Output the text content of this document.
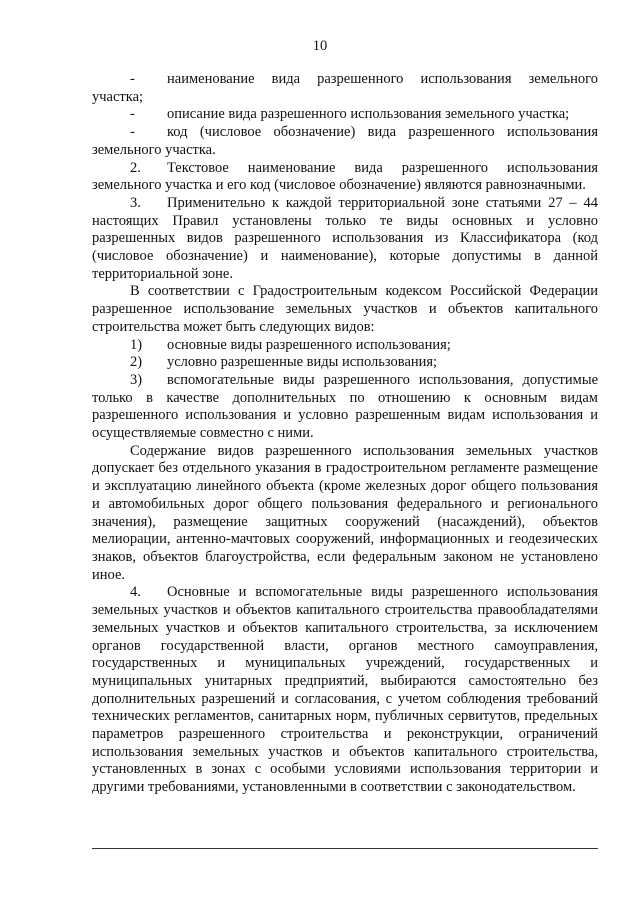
10

- наименование вида разрешенного использования земельного участка;

- описание вида разрешенного использования земельного участка;

- код (числовое обозначение) вида разрешенного использования земельного участка.

2. Текстовое наименование вида разрешенного использования земельного участка и его код (числовое обозначение) являются равнозначными.

3. Применительно к каждой территориальной зоне статьями 27 – 44 настоящих Правил установлены только те виды основных и условно разрешенных видов разрешенного использования из Классификатора (код (числовое обозначение) и наименование), которые допустимы в данной территориальной зоне.

В соответствии с Градостроительным кодексом Российской Федерации разрешенное использование земельных участков и объектов капитального строительства может быть следующих видов:

1) основные виды разрешенного использования;

2) условно разрешенные виды использования;

3) вспомогательные виды разрешенного использования, допустимые только в качестве дополнительных по отношению к основным видам разрешенного использования и условно разрешенным видам использования и осуществляемые совместно с ними.

Содержание видов разрешенного использования земельных участков допускает без отдельного указания в градостроительном регламенте размещение и эксплуатацию линейного объекта (кроме железных дорог общего пользования и автомобильных дорог общего пользования федерального и регионального значения), размещение защитных сооружений (насаждений), объектов мелиорации, антенно-мачтовых сооружений, информационных и геодезических знаков, объектов благоустройства, если федеральным законом не установлено иное.

4. Основные и вспомогательные виды разрешенного использования земельных участков и объектов капитального строительства правообладателями земельных участков и объектов капитального строительства, за исключением органов государственной власти, органов местного самоуправления, государственных и муниципальных учреждений, государственных и муниципальных унитарных предприятий, выбираются самостоятельно без дополнительных разрешений и согласования, с учетом соблюдения требований технических регламентов, санитарных норм, публичных сервитутов, предельных параметров разрешенного строительства и реконструкции, ограничений использования земельных участков и объектов капитального строительства, установленных в зонах с особыми условиями использования территории и другими требованиями, установленными в соответствии с законодательством.
